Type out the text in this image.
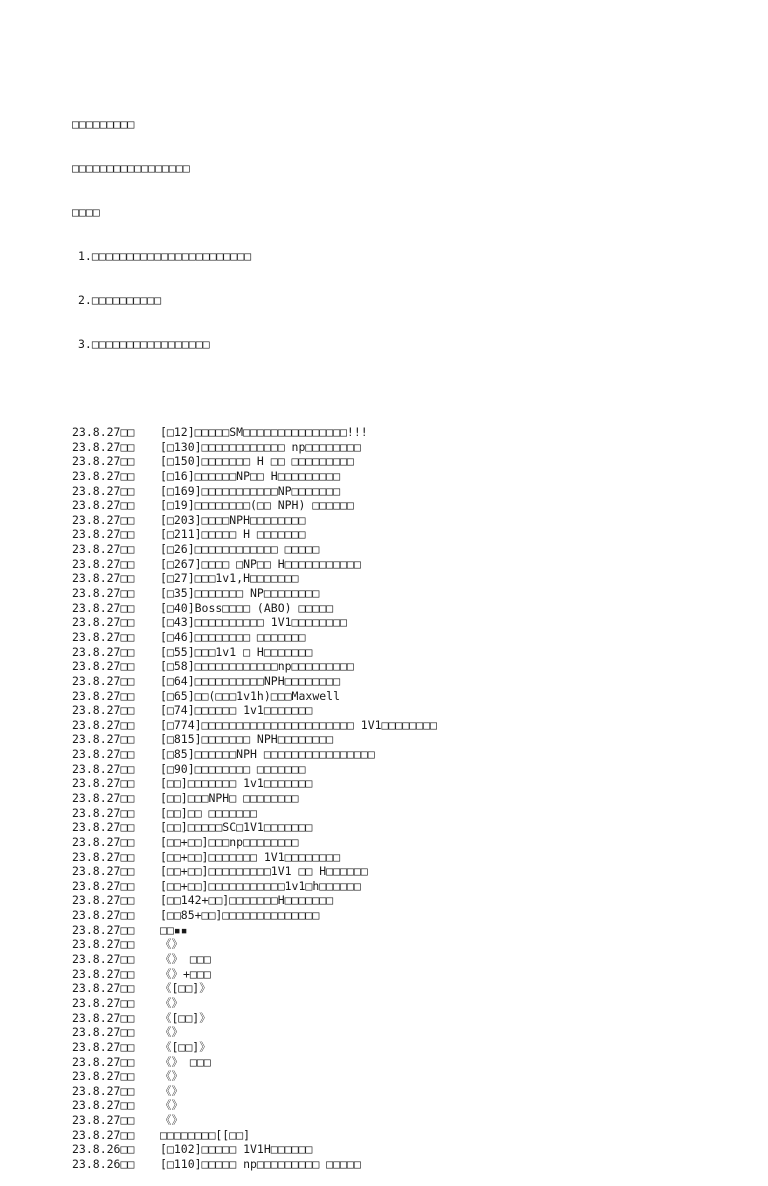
□□□□□□□□□

□□□□□□□□□□□□□□□□□

□□□□

1.□□□□□□□□□□□□□□□□□□□□□□□

2.□□□□□□□□□□

3.□□□□□□□□□□□□□□□□□

23.8.27□□	[□12]□□□□□SM□□□□□□□□□□□□□□□!!!
23.8.27□□	[□130]□□□□□□□□□□□□ np□□□□□□□□
23.8.27□□	[□150]□□□□□□□ H □□ □□□□□□□□□
23.8.27□□	[□16]□□□□□□NP□□ H□□□□□□□□□
23.8.27□□	[□169]□□□□□□□□□□□NP□□□□□□□
23.8.27□□	[□19]□□□□□□□□(□□ NPH) □□□□□□
23.8.27□□	[□203]□□□□NPH□□□□□□□□
23.8.27□□	[□211]□□□□□ H □□□□□□□
23.8.27□□	[□26]□□□□□□□□□□□□ □□□□□
23.8.27□□	[□267]□□□□ □NP□□ H□□□□□□□□□□□
23.8.27□□	[□27]□□□1v1,H□□□□□□□
23.8.27□□	[□35]□□□□□□□ NP□□□□□□□□
23.8.27□□	[□40]Boss□□□□ (ABO) □□□□□
23.8.27□□	[□43]□□□□□□□□□□ 1V1□□□□□□□□
23.8.27□□	[□46]□□□□□□□□ □□□□□□□
23.8.27□□	[□55]□□□1v1 □ H□□□□□□□
23.8.27□□	[□58]□□□□□□□□□□□□np□□□□□□□□□
23.8.27□□	[□64]□□□□□□□□□□NPH□□□□□□□□
23.8.27□□	[□65]□□(□□□1v1h)□□□Maxwell
23.8.27□□	[□74]□□□□□□ 1v1□□□□□□□
23.8.27□□	[□774]□□□□□□□□□□□□□□□□□□□□□□ 1V1□□□□□□□□
23.8.27□□	[□815]□□□□□□□ NPH□□□□□□□□
23.8.27□□	[□85]□□□□□□NPH □□□□□□□□□□□□□□□□
23.8.27□□	[□90]□□□□□□□□ □□□□□□□
23.8.27□□	[□□]□□□□□□□ 1v1□□□□□□□
23.8.27□□	[□□]□□□NPH□ □□□□□□□□
23.8.27□□	[□□]□□ □□□□□□□
23.8.27□□	[□□]□□□□□SC□1V1□□□□□□□
23.8.27□□	[□□+□□]□□□np□□□□□□□□
23.8.27□□	[□□+□□]□□□□□□□ 1V1□□□□□□□□
23.8.27□□	[□□+□□]□□□□□□□□□1V1 □□ H□□□□□□
23.8.27□□	[□□+□□]□□□□□□□□□□□1v1□h□□□□□□
23.8.27□□	[□□142+□□]□□□□□□□H□□□□□□□
23.8.27□□	[□□85+□□]□□□□□□□□□□□□□□
23.8.27□□	□□▪▪
23.8.27□□	《》
23.8.27□□	《》 □□□
23.8.27□□	《》+□□□
23.8.27□□	《[□□]》
23.8.27□□	《》
23.8.27□□	《[□□]》
23.8.27□□	《》
23.8.27□□	《[□□]》
23.8.27□□	《》 □□□
23.8.27□□	《》
23.8.27□□	《》
23.8.27□□	《》
23.8.27□□	《》
23.8.27□□	□□□□□□□□[[□□]
23.8.26□□	[□102]□□□□□ 1V1H□□□□□□
23.8.26□□	[□110]□□□□□ np□□□□□□□□□ □□□□□
